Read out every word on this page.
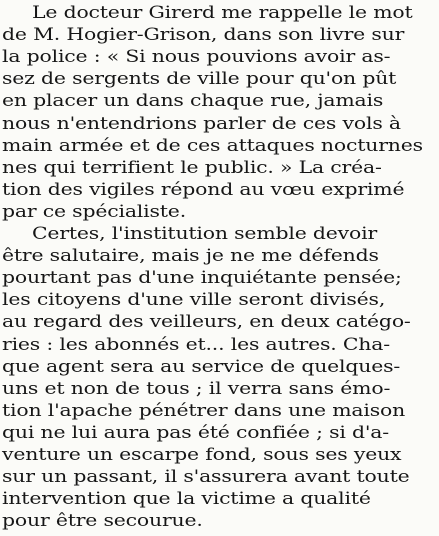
Le docteur Girerd me rappelle le mot
de M. Hogier-Grison, dans son livre sur
la police : « Si nous pouvions avoir as-
sez de sergents de ville pour qu'on pût
en placer un dans chaque rue, jamais
nous n'entendrions parler de ces vols à
main armée et de ces attaques nocturnes
nes qui terrifient le public. » La créa-
tion des vigiles répond au vœu exprimé
par ce spécialiste.
Certes, l'institution semble devoir
être salutaire, mais je ne me défends
pourtant pas d'une inquiétante pensée;
les citoyens d'une ville seront divisés,
au regard des veilleurs, en deux catégo-
ries : les abonnés et... les autres. Cha-
que agent sera au service de quelques-
uns et non de tous ; il verra sans émo-
tion l'apache pénétrer dans une maison
qui ne lui aura pas été confiée ; si d'a-
venture un escarpe fond, sous ses yeux
sur un passant, il s'assurera avant toute
intervention que la victime a qualité
pour être secourue.
